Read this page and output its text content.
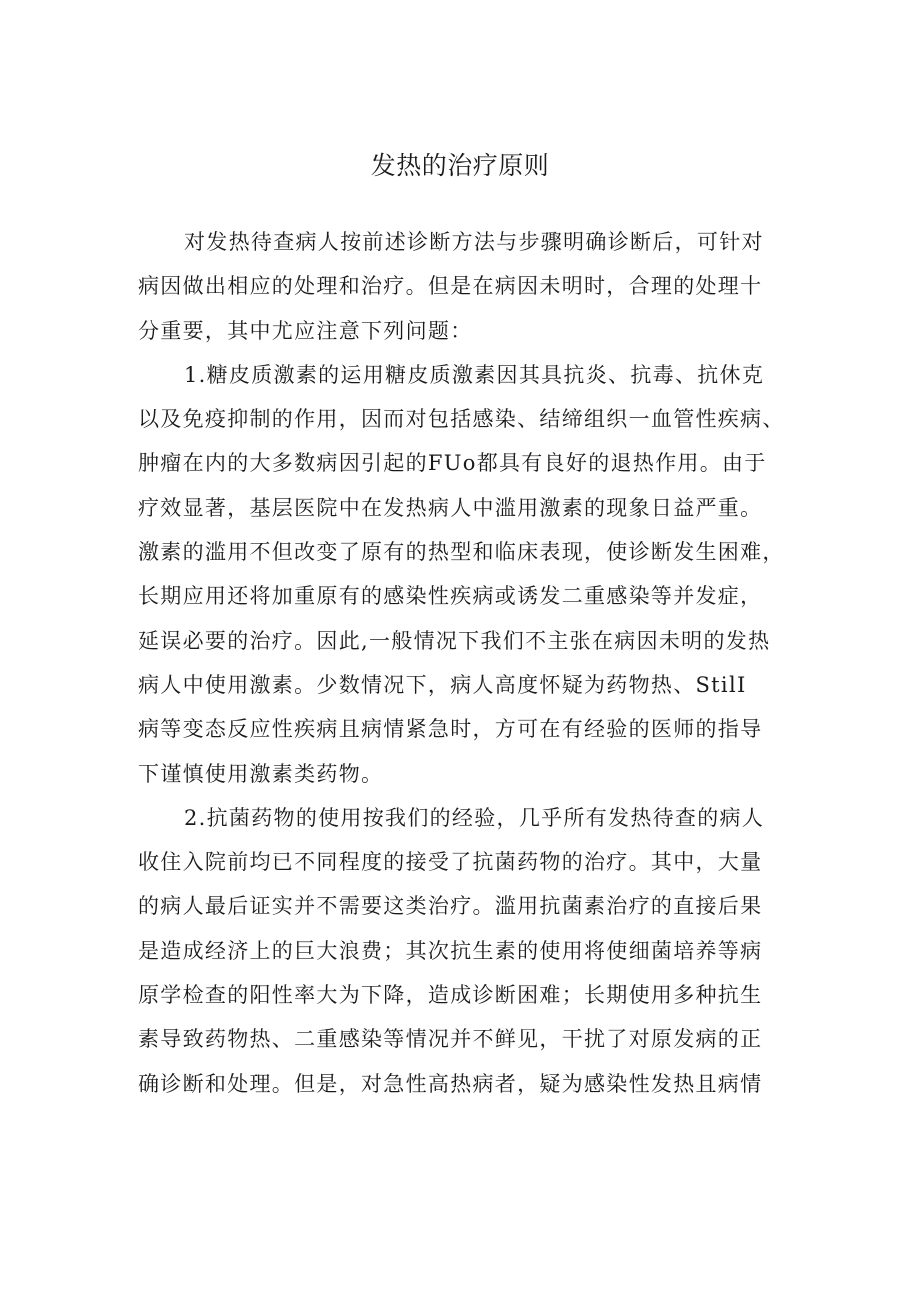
发热的治疗原则
对发热待查病人按前述诊断方法与步骤明确诊断后，可针对
病因做出相应的处理和治疗。但是在病因未明时，合理的处理十
分重要，其中尤应注意下列问题：
1.糖皮质激素的运用糖皮质激素因其具抗炎、抗毒、抗休克
以及免疫抑制的作用，因而对包括感染、结缔组织一血管性疾病、
肿瘤在内的大多数病因引起的FUo都具有良好的退热作用。由于
疗效显著，基层医院中在发热病人中滥用激素的现象日益严重。
激素的滥用不但改变了原有的热型和临床表现，使诊断发生困难，
长期应用还将加重原有的感染性疾病或诱发二重感染等并发症，
延误必要的治疗。因此,一般情况下我们不主张在病因未明的发热
病人中使用激素。少数情况下，病人高度怀疑为药物热、StilI
病等变态反应性疾病且病情紧急时，方可在有经验的医师的指导
下谨慎使用激素类药物。
2.抗菌药物的使用按我们的经验，几乎所有发热待查的病人
收住入院前均已不同程度的接受了抗菌药物的治疗。其中，大量
的病人最后证实并不需要这类治疗。滥用抗菌素治疗的直接后果
是造成经济上的巨大浪费；其次抗生素的使用将使细菌培养等病
原学检查的阳性率大为下降，造成诊断困难；长期使用多种抗生
素导致药物热、二重感染等情况并不鲜见，干扰了对原发病的正
确诊断和处理。但是，对急性高热病者，疑为感染性发热且病情
